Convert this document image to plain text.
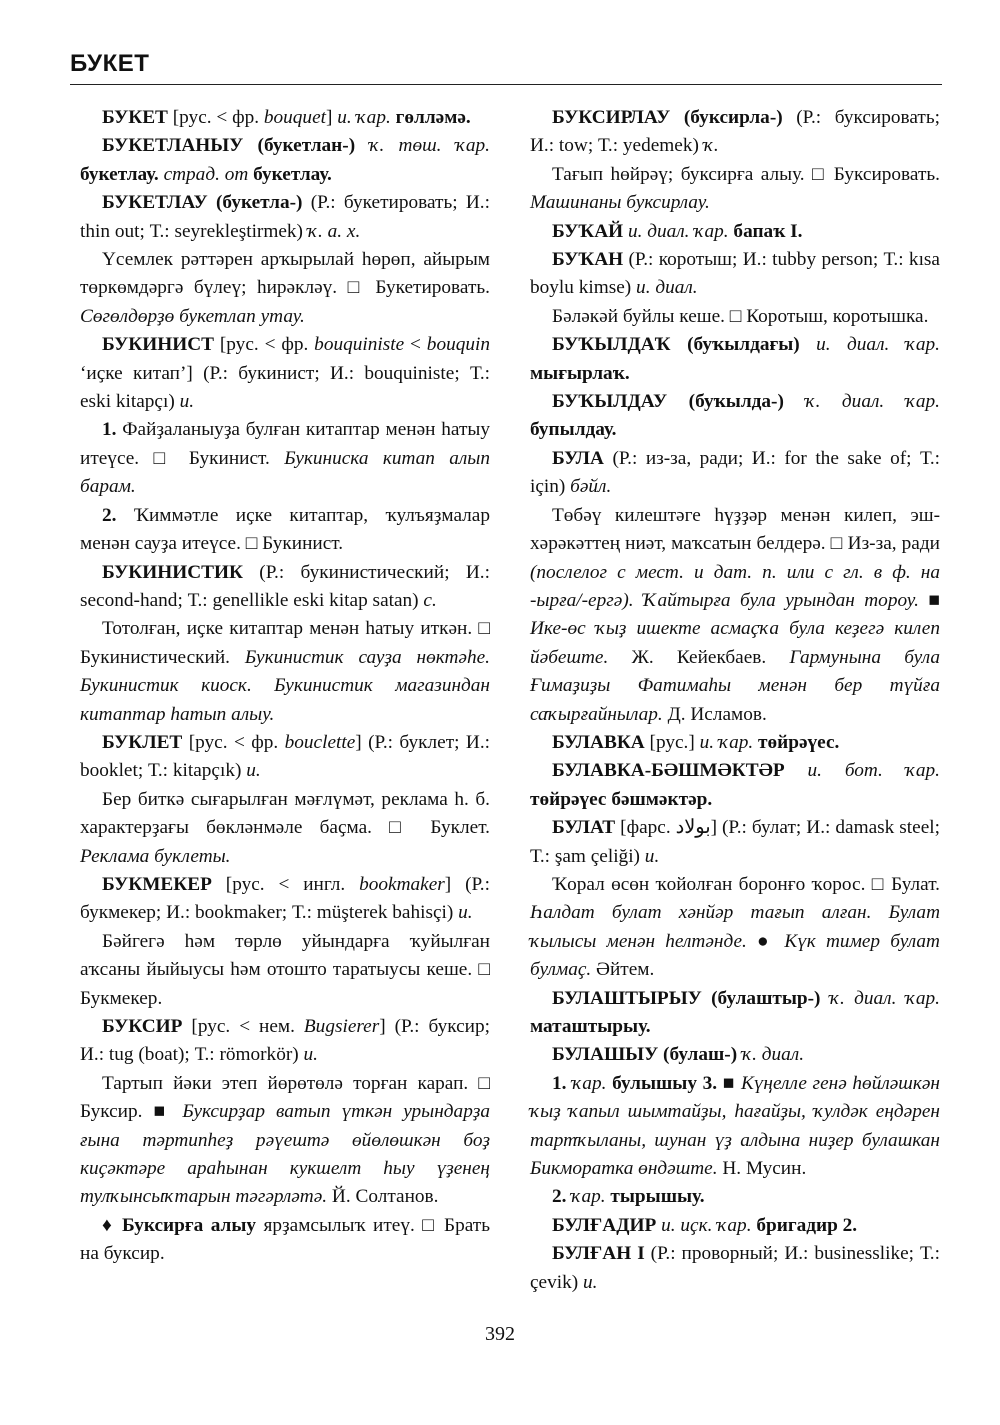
БУКЕТ

БУКЕТ [рус. < фр. bouquet] и. ҡар. гөлләмә.

БУКЕТЛАНЫУ (букетлан-) ҡ. төш. ҡар. букетлау. страд. от букетлау.

БУКЕТЛАУ (букетла-) (Р.: букетировать; И.: thin out; Т.: seyrekleştirmek) ҡ. а. х.

Үсемлек рәттәрен арҡырылай һөрөп, айырым төркөмдәргә бүлеү; һирәкләү. □ Букетировать. Сөгөлдөрҙө букетлап утау.

БУКИНИСТ [рус. < фр. bouquiniste < bouquin ‘иҫке китап’] (Р.: букинист; И.: bouquiniste; Т.: eski kitapçı) и.

1. Файҙаланыуҙа булған китаптар менән һатыу итеүсе. □ Букинист. Букиниска китап алып барам.

2. Ҡиммәтле иҫке китаптар, ҡулъяҙмалар менән сауҙа итеүсе. □ Букинист.

БУКИНИСТИК (Р.: букинистический; И.: second-hand; Т.: genellikle eski kitap satan) с.

Тотолған, иҫке китаптар менән һатыу иткән. □ Букинистический. Букинистик сауҙа нөктәһе. Букинистик киоск. Букинистик магазиндан китаптар һатып алыу.

БУКЛЕТ [рус. < фр. bouclette] (Р.: буклет; И.: booklet; Т.: kitapçık) и.

Бер биткә сығарылған мәғлүмәт, реклама h. б. характерҙағы бөкләнмәле баҫма. □ Буклет. Реклама буклеты.

БУКМЕКЕР [рус. < ингл. bookmaker] (Р.: букмекер; И.: bookmaker; Т.: müşterek bahisçi) и.

Бәйгегә һәм төрлө уйындарға ҡуйылған аҡсаны йыйыусы һәм отошто таратыусы кеше. □ Букмекер.

БУКСИР [рус. < нем. Bugsierer] (Р.: буксир; И.: tug (boat); Т.: römorkör) и.

Тартып йәки этеп йөрөтөлә торған карап. □ Буксир. ■ Буксирҙар ватып үткән урындарҙа ғына тәртипһеҙ рәүештә өйөлөшкән боҙ киҫәктәре араһынан кукшелт һыу үҙенең тулҡынсыҡтарын тәгәрләтә. Й. Солтанов.

♦ Буксирға алыу ярҙамсылыҡ итеү. □ Брать на буксир.

БУКСИРЛАУ (буксирла-) (Р.: буксировать; И.: tow; Т.: yedemek) ҡ.

Тағып һөйрәү; буксирға алыу. □ Буксировать. Машинаны буксирлау.

БУҠАЙ и. диал. ҡар. бапаҡ I.

БУҠАН (Р.: коротыш; И.: tubby person; Т.: kısa boylu kimse) и. диал.

Бәләкәй буйлы кеше. □ Коротыш, коротышка.

БУҠЫЛДАҠ (буҡылдағы) и. диал. ҡар. мығырлаҡ.

БУҠЫЛДАУ (буҡылда-) ҡ. диал. ҡар. бупылдау.

БУЛА (Р.: из-за, ради; И.: for the sake of; Т.: için) бәйл.

Төбәү килештәге һүҙҙәр менән килеп, эш-хәрәкәттең ниәт, маҡсатын белдерә. □ Из-за, ради (послелог с мест. и дат. п. или с гл. в ф. на -ырға/-ергә). Ҡайтырға була урындан тороу. ■ Ике-өс ҡыҙ ишекте асмаҫҡа була кеҙегә килеп йәбеште. Ж. Кейекбаев. Гармунына була Ғимаҙиҙы Фатимаһы менән бер түйға саҡырғайнылар. Д. Исламов.

БУЛАВКА [рус.] и. ҡар. төйрәүес.

БУЛАВКА-БӘШМӘКТӘР и. бот. ҡар. төйрәүес бәшмәктәр.

БУЛАТ [фарс. بولاد] (Р.: булат; И.: damask steel; Т.: şam çeliği) и.

Ҡорал өсөн ҡойолған боронғо ҡорос. □ Булат. Һалдат булат хәнйәр тағып алған. Булат ҡылысы менән һелтәнде. ● Күк тимер булат булмаҫ. Әйтем.

БУЛАШТЫРЫУ (булаштыр-) ҡ. диал. ҡар. маташтырыу.

БУЛАШЫУ (булаш-) ҡ. диал.

1. ҡар. булышыу 3. ■ Күңелле генә һөйләшкән ҡыҙ ҡапыл шымтайҙы, һағайҙы, ҡулдәк еңдәрен тартҡыланы, шунан үҙ алдына ниҙер булашкан Бикморатка өндәште. Н. Мусин.

2. ҡар. тырышыу.

БУЛҒАДИР и. иҫк. ҡар. бригадир 2.

БУЛҒАН I (Р.: проворный; И.: businesslike; Т.: çevik) и.

392
